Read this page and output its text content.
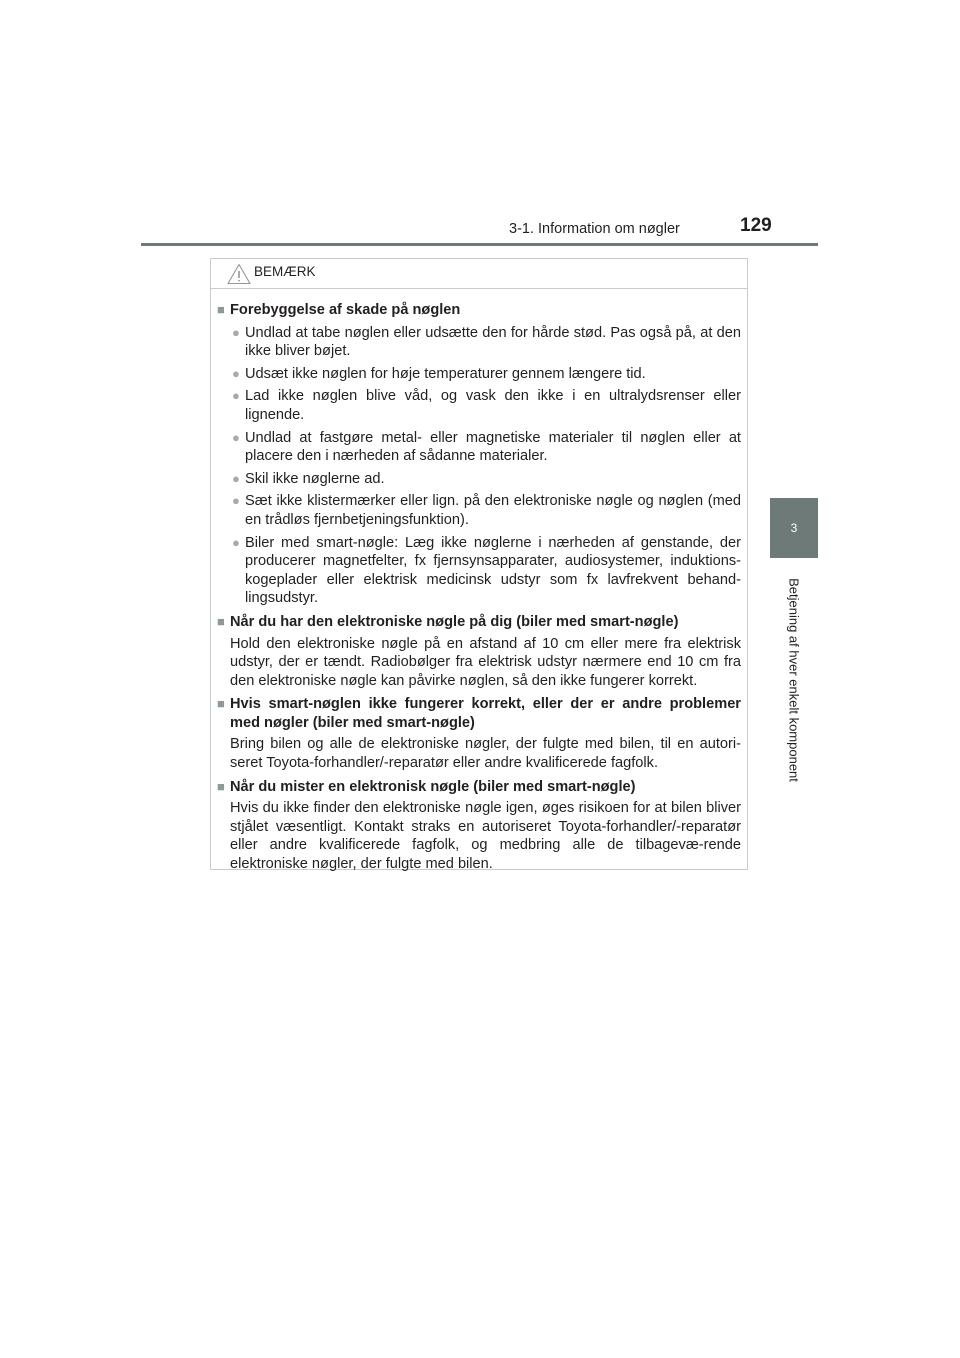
3-1. Information om nøgler	129
3
Betjening af hver enkelt komponent
BEMÆRK
■ Forebyggelse af skade på nøglen
● Undlad at tabe nøglen eller udsætte den for hårde stød. Pas også på, at den ikke bliver bøjet.
● Udsæt ikke nøglen for høje temperaturer gennem længere tid.
● Lad ikke nøglen blive våd, og vask den ikke i en ultralydsrenser eller lignende.
● Undlad at fastgøre metal- eller magnetiske materialer til nøglen eller at placere den i nærheden af sådanne materialer.
● Skil ikke nøglerne ad.
● Sæt ikke klistermærker eller lign. på den elektroniske nøgle og nøglen (med en trådløs fjernbetjeningsfunktion).
● Biler med smart-nøgle: Læg ikke nøglerne i nærheden af genstande, der producerer magnetfelter, fx fjernsynsapparater, audiosystemer, induktions-kogeplader eller elektrisk medicinsk udstyr som fx lavfrekvent behand-lingsudstyr.
■ Når du har den elektroniske nøgle på dig (biler med smart-nøgle)
Hold den elektroniske nøgle på en afstand af 10 cm eller mere fra elektrisk udstyr, der er tændt. Radiobølger fra elektrisk udstyr nærmere end 10 cm fra den elektroniske nøgle kan påvirke nøglen, så den ikke fungerer korrekt.
■ Hvis smart-nøglen ikke fungerer korrekt, eller der er andre problemer med nøgler (biler med smart-nøgle)
Bring bilen og alle de elektroniske nøgler, der fulgte med bilen, til en autori-seret Toyota-forhandler/-reparatør eller andre kvalificerede fagfolk.
■ Når du mister en elektronisk nøgle (biler med smart-nøgle)
Hvis du ikke finder den elektroniske nøgle igen, øges risikoen for at bilen bliver stjålet væsentligt. Kontakt straks en autoriseret Toyota-forhandler/-reparatør eller andre kvalificerede fagfolk, og medbring alle de tilbagevæ-rende elektroniske nøgler, der fulgte med bilen.
